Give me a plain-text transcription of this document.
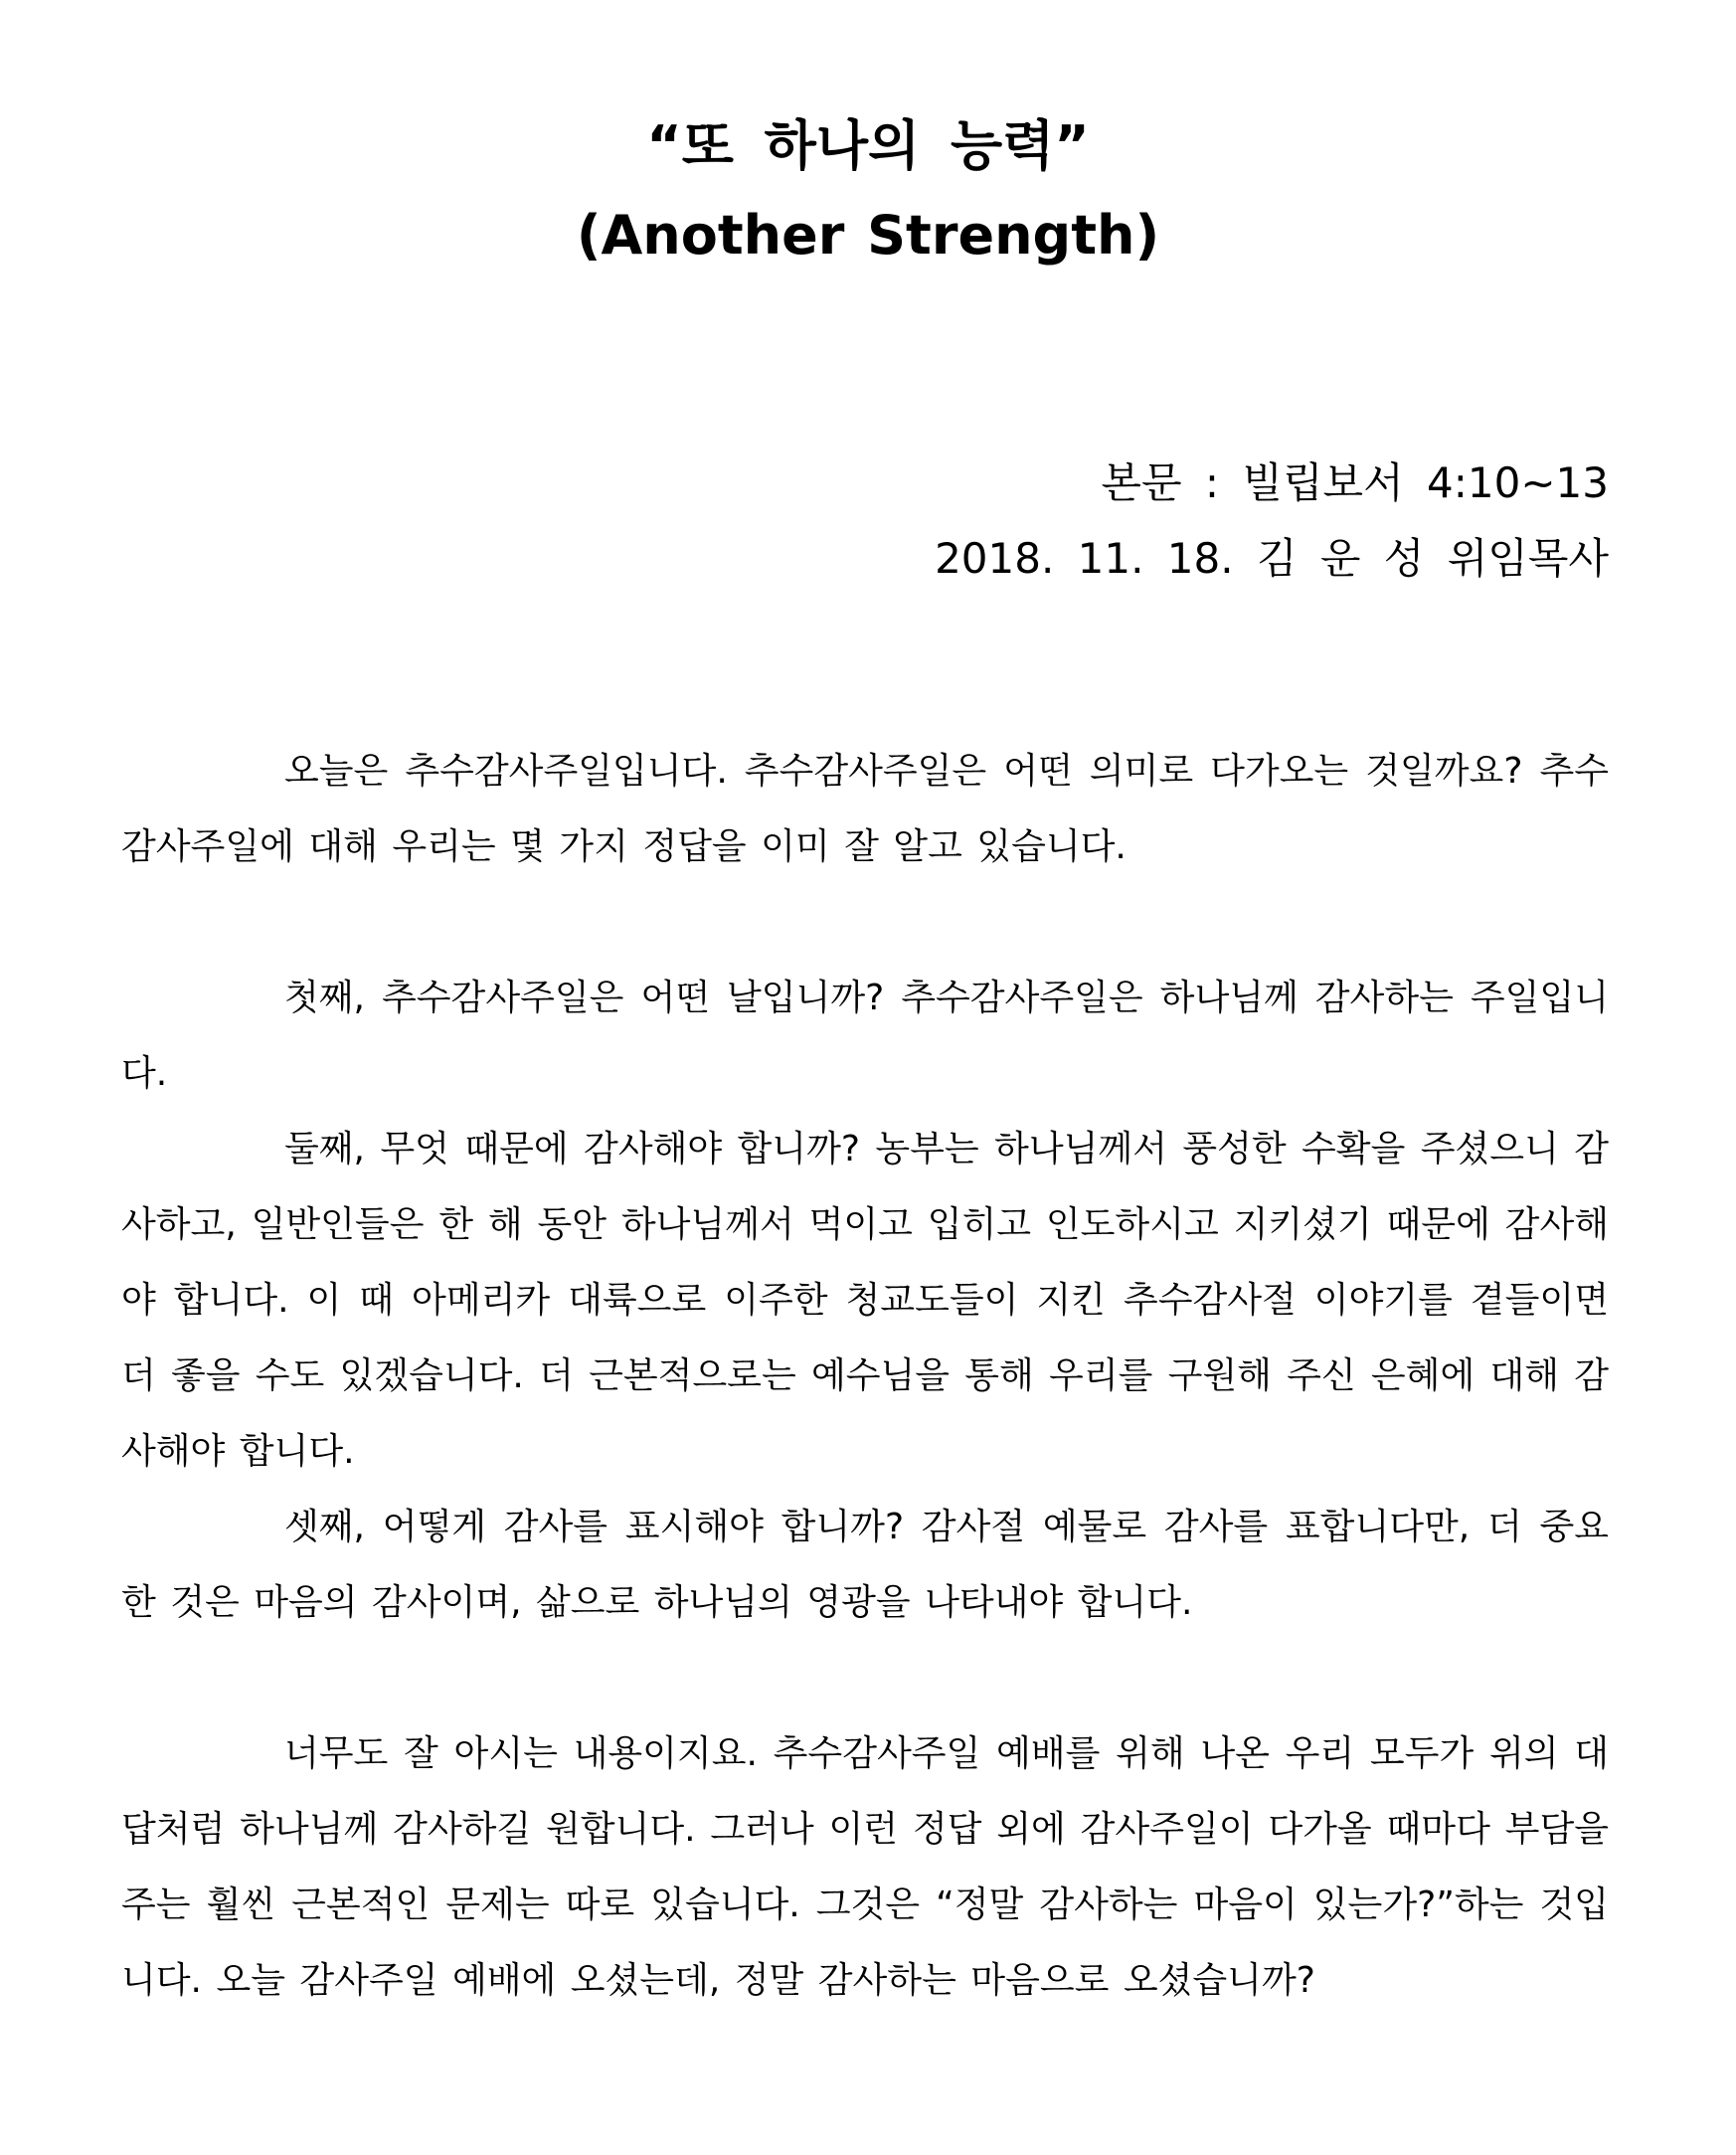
“또 하나의 능력”
(Another Strength)
본문 : 빌립보서 4:10~13
2018. 11. 18. 김 운 성 위임목사

오늘은 추수감사주일입니다. 추수감사주일은 어떤 의미로 다가오는 것일까요? 추수감사주일에 대해 우리는 몇 가지 정답을 이미 잘 알고 있습니다.

첫째, 추수감사주일은 어떤 날입니까? 추수감사주일은 하나님께 감사하는 주일입니다.

둘째, 무엇 때문에 감사해야 합니까? 농부는 하나님께서 풍성한 수확을 주셨으니 감사하고, 일반인들은 한 해 동안 하나님께서 먹이고 입히고 인도하시고 지키셨기 때문에 감사해야 합니다. 이 때 아메리카 대륙으로 이주한 청교도들이 지킨 추수감사절 이야기를 곁들이면 더 좋을 수도 있겠습니다. 더 근본적으로는 예수님을 통해 우리를 구원해 주신 은혜에 대해 감사해야 합니다.

셋째, 어떻게 감사를 표시해야 합니까? 감사절 예물로 감사를 표합니다만, 더 중요한 것은 마음의 감사이며, 삶으로 하나님의 영광을 나타내야 합니다.

너무도 잘 아시는 내용이지요. 추수감사주일 예배를 위해 나온 우리 모두가 위의 대답처럼 하나님께 감사하길 원합니다. 그러나 이런 정답 외에 감사주일이 다가올 때마다 부담을 주는 훨씬 근본적인 문제는 따로 있습니다. 그것은 “정말 감사하는 마음이 있는가?”하는 것입니다. 오늘 감사주일 예배에 오셨는데, 정말 감사하는 마음으로 오셨습니까?
